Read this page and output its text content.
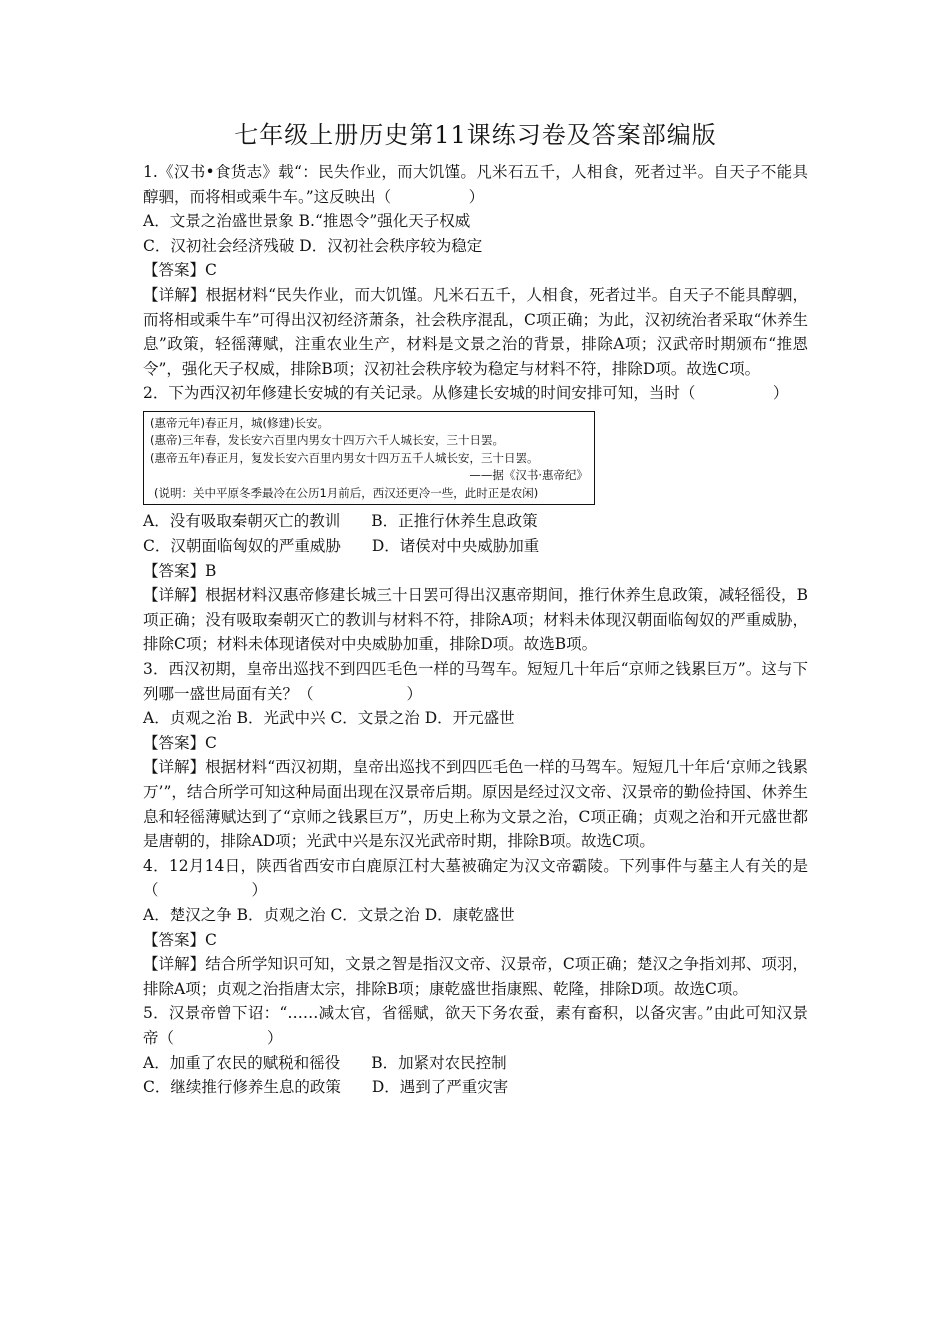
七年级上册历史第11课练习卷及答案部编版

1.《汉书•食货志》载“：民失作业，而大饥馑。凡米石五千，人相食，死者过半。自天子不能具醇驷，而将相或乘牛车。”这反映出（　　　　　）

A．文景之治盛世景象 B.“推恩令”强化天子权威

C．汉初社会经济残破 D．汉初社会秩序较为稳定

【答案】C

【详解】根据材料“民失作业，而大饥馑。凡米石五千，人相食，死者过半。自天子不能具醇驷，而将相或乘牛车”可得出汉初经济萧条，社会秩序混乱，C项正确；为此，汉初统治者采取“休养生息”政策，轻徭薄赋，注重农业生产，材料是文景之治的背景，排除A项；汉武帝时期颁布“推恩令”，强化天子权威，排除B项；汉初社会秩序较为稳定与材料不符，排除D项。故选C项。

2．下为西汉初年修建长安城的有关记录。从修建长安城的时间安排可知，当时（　　　　　）

(惠帝元年)春正月，城(修建)长安。
(惠帝)三年春，发长安六百里内男女十四万六千人城长安，三十日罢。
(惠帝五年)春正月，复发长安六百里内男女十四万五千人城长安，三十日罢。
——据《汉书·惠帝纪》
(说明：关中平原冬季最冷在公历1月前后，西汉还更冷一些，此时正是农闲)

A．没有吸取秦朝灭亡的教训　　B．正推行休养生息政策

C．汉朝面临匈奴的严重威胁　　D．诸侯对中央威胁加重

【答案】B

【详解】根据材料汉惠帝修建长城三十日罢可得出汉惠帝期间，推行休养生息政策，减轻徭役，B项正确；没有吸取秦朝灭亡的教训与材料不符，排除A项；材料未体现汉朝面临匈奴的严重威胁，排除C项；材料未体现诸侯对中央威胁加重，排除D项。故选B项。

3．西汉初期，皇帝出巡找不到四匹毛色一样的马驾车。短短几十年后“京师之钱累巨万”。这与下列哪一盛世局面有关？（　　　　　　）

A．贞观之治 B．光武中兴 C．文景之治 D．开元盛世

【答案】C

【详解】根据材料“西汉初期，皇帝出巡找不到四匹毛色一样的马驾车。短短几十年后‘京师之钱累万’”，结合所学可知这种局面出现在汉景帝后期。原因是经过汉文帝、汉景帝的勤俭持国、休养生息和轻徭薄赋达到了“京师之钱累巨万”，历史上称为文景之治，C项正确；贞观之治和开元盛世都是唐朝的，排除AD项；光武中兴是东汉光武帝时期，排除B项。故选C项。

4．12月14日，陕西省西安市白鹿原江村大墓被确定为汉文帝霸陵。下列事件与墓主人有关的是（　　　　　　）

A．楚汉之争 B．贞观之治 C．文景之治 D．康乾盛世

【答案】C

【详解】结合所学知识可知，文景之智是指汉文帝、汉景帝，C项正确；楚汉之争指刘邦、项羽，排除A项；贞观之治指唐太宗，排除B项；康乾盛世指康熙、乾隆，排除D项。故选C项。

5．汉景帝曾下诏：“……减太官，省徭赋，欲天下务农蚕，素有畜积，以备灾害。”由此可知汉景帝（　　　　　　）

A．加重了农民的赋税和徭役　　B．加紧对农民控制

C．继续推行修养生息的政策　　D．遇到了严重灾害
